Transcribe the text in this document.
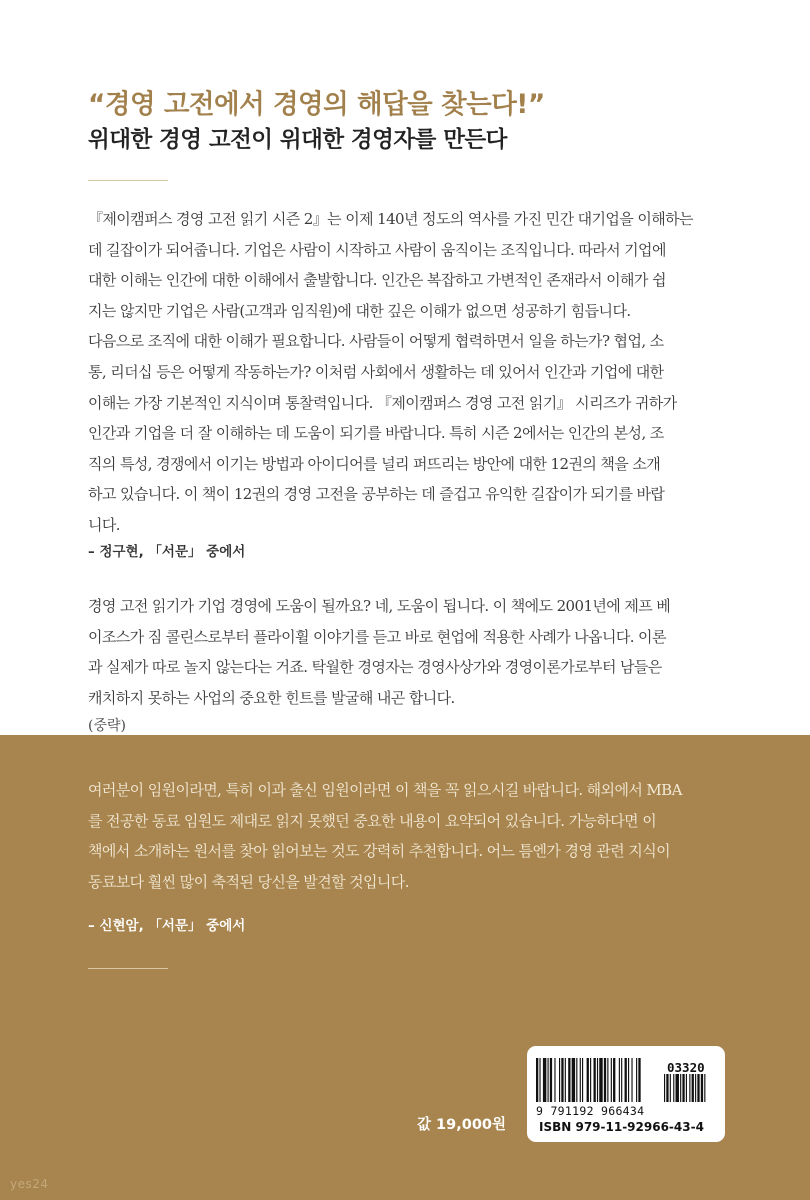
“경영 고전에서 경영의 해답을 찾는다!”
위대한 경영 고전이 위대한 경영자를 만든다

『제이캠퍼스 경영 고전 읽기 시즌 2』는 이제 140년 정도의 역사를 가진 민간 대기업을 이해하는
데 길잡이가 되어줍니다. 기업은 사람이 시작하고 사람이 움직이는 조직입니다. 따라서 기업에
대한 이해는 인간에 대한 이해에서 출발합니다. 인간은 복잡하고 가변적인 존재라서 이해가 쉽
지는 않지만 기업은 사람(고객과 임직원)에 대한 깊은 이해가 없으면 성공하기 힘듭니다.
다음으로 조직에 대한 이해가 필요합니다. 사람들이 어떻게 협력하면서 일을 하는가? 협업, 소
통, 리더십 등은 어떻게 작동하는가? 이처럼 사회에서 생활하는 데 있어서 인간과 기업에 대한
이해는 가장 기본적인 지식이며 통찰력입니다. 『제이캠퍼스 경영 고전 읽기』 시리즈가 귀하가
인간과 기업을 더 잘 이해하는 데 도움이 되기를 바랍니다. 특히 시즌 2에서는 인간의 본성, 조
직의 특성, 경쟁에서 이기는 방법과 아이디어를 널리 퍼뜨리는 방안에 대한 12권의 책을 소개
하고 있습니다. 이 책이 12권의 경영 고전을 공부하는 데 즐겁고 유익한 길잡이가 되기를 바랍
니다.

– 정구현, 「서문」 중에서

경영 고전 읽기가 기업 경영에 도움이 될까요? 네, 도움이 됩니다. 이 책에도 2001년에 제프 베
이조스가 짐 콜린스로부터 플라이휠 이야기를 듣고 바로 현업에 적용한 사례가 나옵니다. 이론
과 실제가 따로 놀지 않는다는 거죠. 탁월한 경영자는 경영사상가와 경영이론가로부터 남들은
캐치하지 못하는 사업의 중요한 힌트를 발굴해 내곤 합니다.

(중략)

여러분이 임원이라면, 특히 이과 출신 임원이라면 이 책을 꼭 읽으시길 바랍니다. 해외에서 MBA
를 전공한 동료 임원도 제대로 읽지 못했던 중요한 내용이 요약되어 있습니다. 가능하다면 이
책에서 소개하는 원서를 찾아 읽어보는 것도 강력히 추천합니다. 어느 틈엔가 경영 관련 지식이
동료보다 훨씬 많이 축적된 당신을 발견할 것입니다.

– 신현암, 「서문」 중에서

값 19,000원

03320
9 791192 966434
ISBN 979-11-92966-43-4
yes24
